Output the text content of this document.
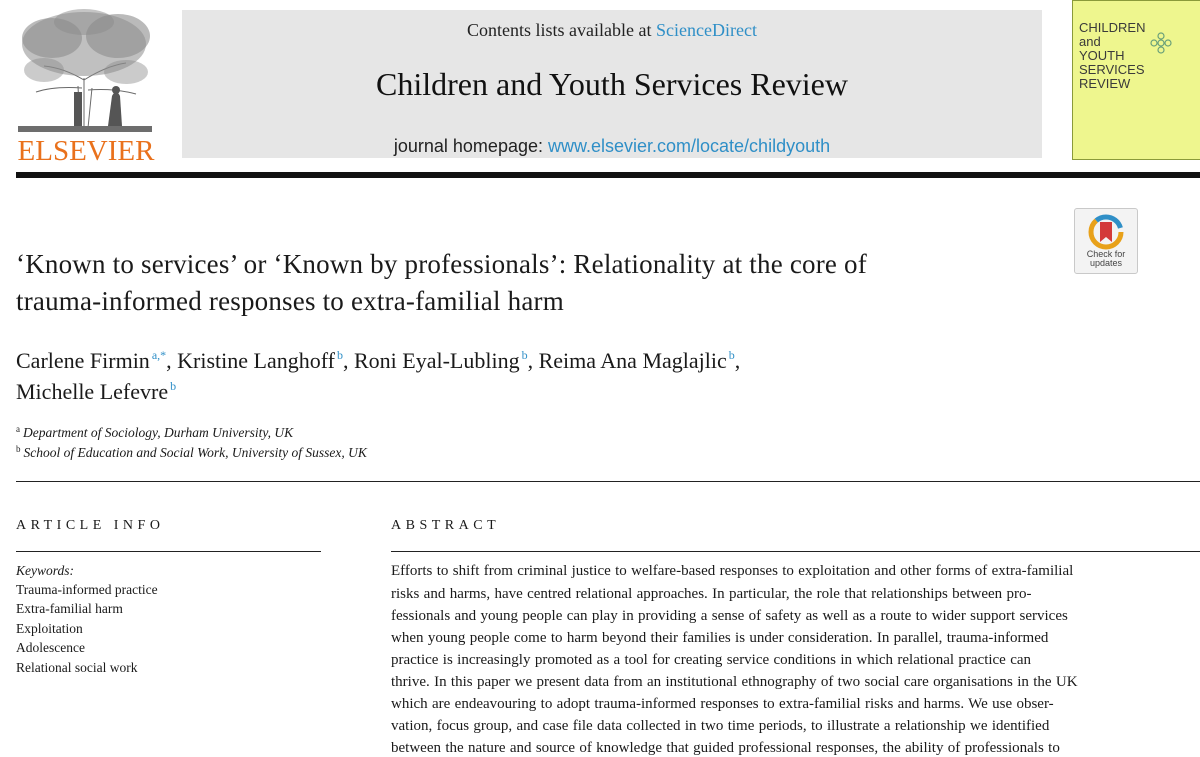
ELSEVIER
Contents lists available at ScienceDirect
Children and Youth Services Review
journal homepage: www.elsevier.com/locate/childyouth
CHILDREN
and
YOUTH
SERVICES
REVIEW
Check for
updates
‘Known to services’ or ‘Known by professionals’: Relationality at the core of
trauma-informed responses to extra-familial harm
Carlene Firmin $^{a,*}$, Kristine Langhoff $^b$, Roni Eyal-Lubling $^b$, Reima Ana Maglajlic $^b$,
Michelle Lefevre $^b$
$^a$ Department of Sociology, Durham University, UK
$^b$ School of Education and Social Work, University of Sussex, UK
ARTICLE INFO
Keywords:
Trauma-informed practice
Extra-familial harm
Exploitation
Adolescence
Relational social work
ABSTRACT
Efforts to shift from criminal justice to welfare-based responses to exploitation and other forms of extra-familial
risks and harms, have centred relational approaches. In particular, the role that relationships between pro-
fessionals and young people can play in providing a sense of safety as well as a route to wider support services
when young people come to harm beyond their families is under consideration. In parallel, trauma-informed
practice is increasingly promoted as a tool for creating service conditions in which relational practice can
thrive. In this paper we present data from an institutional ethnography of two social care organisations in the UK
which are endeavouring to adopt trauma-informed responses to extra-familial risks and harms. We use obser-
vation, focus group, and case file data collected in two time periods, to illustrate a relationship we identified
between the nature and source of knowledge that guided professional responses, the ability of professionals to
